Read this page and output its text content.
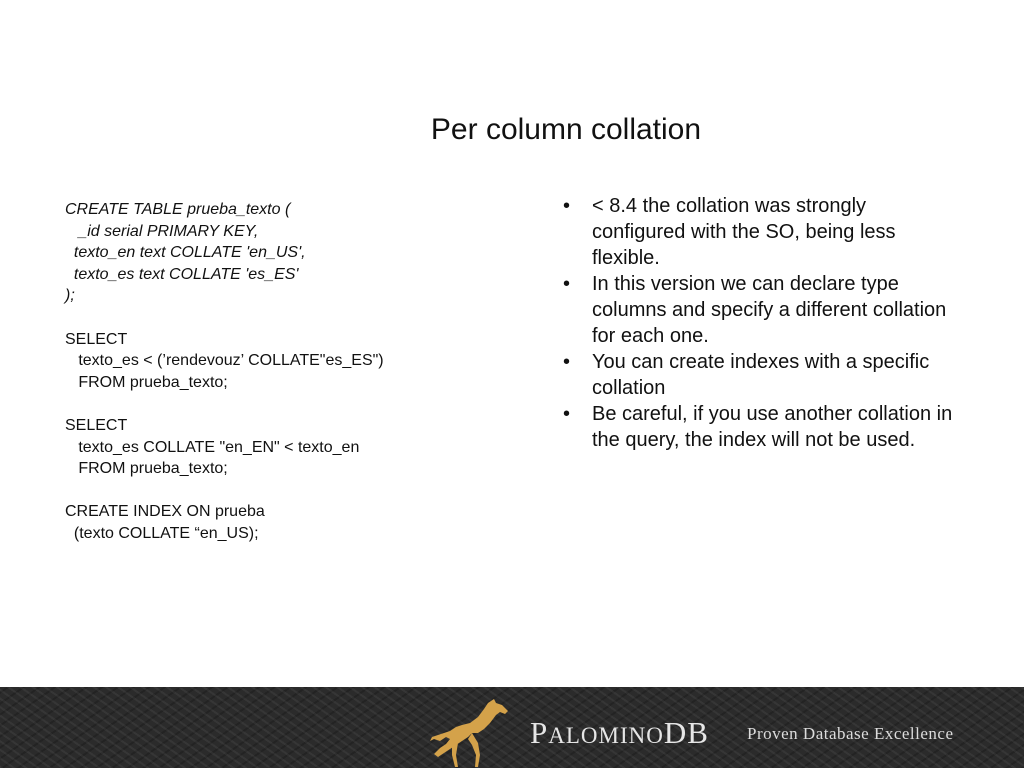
Per column collation
CREATE TABLE prueba_texto (
_id serial PRIMARY KEY,
texto_en text COLLATE 'en_US',
texto_es text COLLATE 'es_ES'
);
SELECT
texto_es < (’rendevouz’ COLLATE"es_ES")
FROM prueba_texto;
SELECT
texto_es COLLATE "en_EN" < texto_en
FROM prueba_texto;
CREATE INDEX ON prueba
(texto COLLATE “en_US);
• < 8.4 the collation was strongly configured with the SO, being less flexible.
• In this version we can declare type columns and specify a different collation for each one.
• You can create indexes with a specific collation
• Be careful, if you use another collation in the query, the index will not be used.
PALOMINODB Proven Database Excellence
